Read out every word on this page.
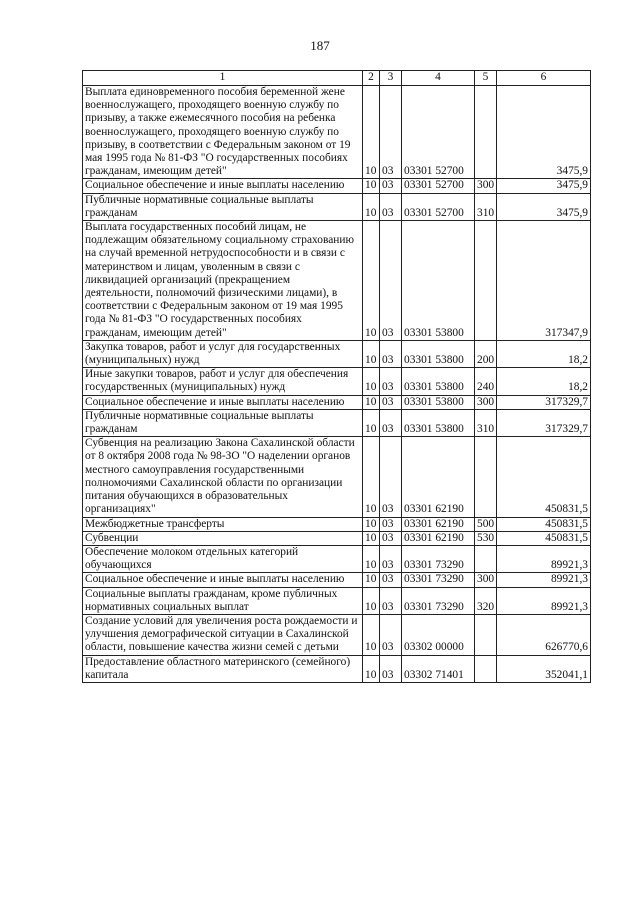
187
1	2	3	4	5	6
Выплата единовременного пособия беременной жене военнослужащего, проходящего военную службу по призыву, а также ежемесячного пособия на ребенка военнослужащего, проходящего военную службу по призыву, в соответствии с Федеральным законом от 19 мая 1995 года № 81-ФЗ "О государственных пособиях гражданам, имеющим детей"	10	03	03301 52700		3475,9
Социальное обеспечение и иные выплаты населению	10	03	03301 52700	300	3475,9
Публичные нормативные социальные выплаты гражданам	10	03	03301 52700	310	3475,9
Выплата государственных пособий лицам, не подлежащим обязательному социальному страхованию на случай временной нетрудоспособности и в связи с материнством и лицам, уволенным в связи с ликвидацией организаций (прекращением деятельности, полномочий физическими лицами), в соответствии с Федеральным законом от 19 мая 1995 года № 81-ФЗ "О государственных пособиях гражданам, имеющим детей"	10	03	03301 53800		317347,9
Закупка товаров, работ и услуг для государственных (муниципальных) нужд	10	03	03301 53800	200	18,2
Иные закупки товаров, работ и услуг для обеспечения государственных (муниципальных) нужд	10	03	03301 53800	240	18,2
Социальное обеспечение и иные выплаты населению	10	03	03301 53800	300	317329,7
Публичные нормативные социальные выплаты гражданам	10	03	03301 53800	310	317329,7
Субвенция на реализацию Закона Сахалинской области от 8 октября 2008 года № 98-ЗО "О наделении органов местного самоуправления государственными полномочиями Сахалинской области по организации питания обучающихся в образовательных организациях"	10	03	03301 62190		450831,5
Межбюджетные трансферты	10	03	03301 62190	500	450831,5
Субвенции	10	03	03301 62190	530	450831,5
Обеспечение молоком отдельных категорий обучающихся	10	03	03301 73290		89921,3
Социальное обеспечение и иные выплаты населению	10	03	03301 73290	300	89921,3
Социальные выплаты гражданам, кроме публичных нормативных социальных выплат	10	03	03301 73290	320	89921,3
Создание условий для увеличения роста рождаемости и улучшения демографической ситуации в Сахалинской области, повышение качества жизни семей с детьми	10	03	03302 00000		626770,6
Предоставление областного материнского (семейного) капитала	10	03	03302 71401		352041,1
